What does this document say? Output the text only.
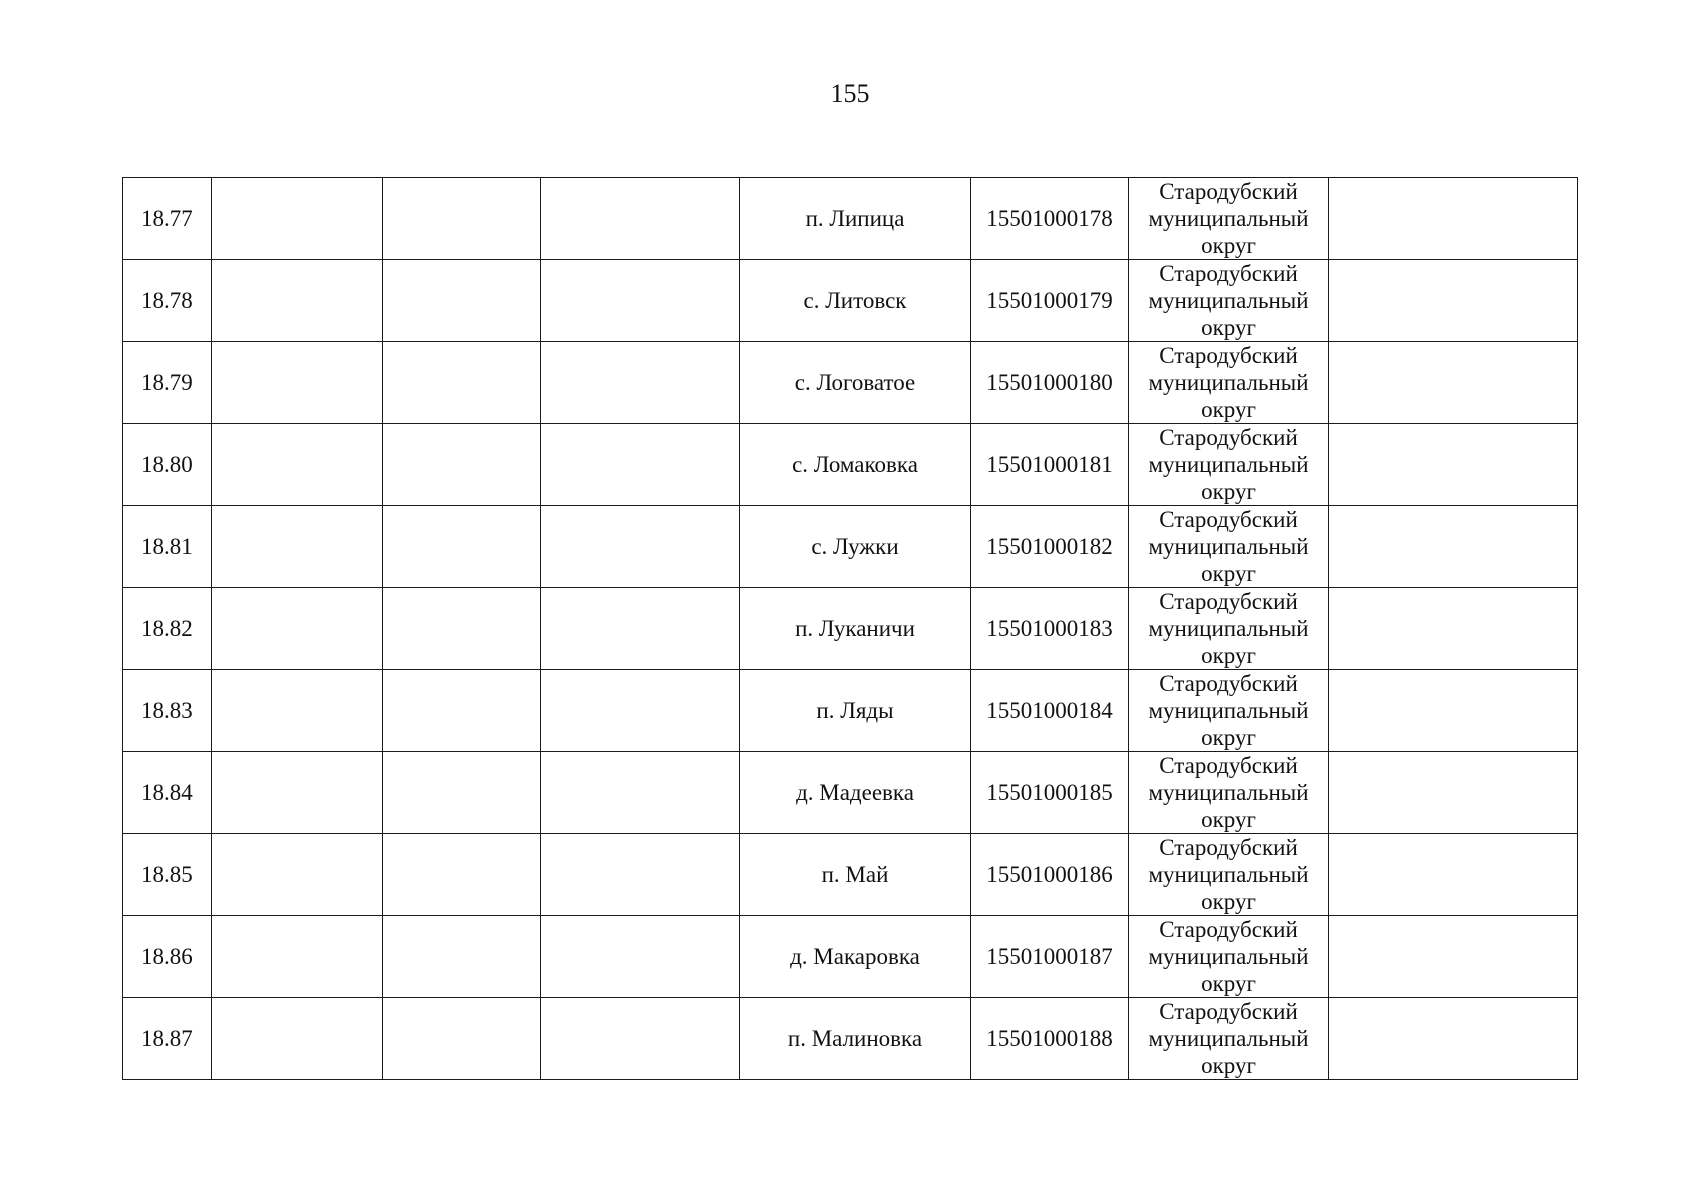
155
18.77				п. Липица	15501000178	Стародубский
муниципальный
округ	

18.78				с. Литовск	15501000179	Стародубский
муниципальный
округ	

18.79				с. Логоватое	15501000180	Стародубский
муниципальный
округ	

18.80				с. Ломаковка	15501000181	Стародубский
муниципальный
округ	

18.81				с. Лужки	15501000182	Стародубский
муниципальный
округ	

18.82				п. Луканичи	15501000183	Стародубский
муниципальный
округ	

18.83				п. Ляды	15501000184	Стародубский
муниципальный
округ	

18.84				д. Мадеевка	15501000185	Стародубский
муниципальный
округ	

18.85				п. Май	15501000186	Стародубский
муниципальный
округ	

18.86				д. Макаровка	15501000187	Стародубский
муниципальный
округ	

18.87				п. Малиновка	15501000188	Стародубский
муниципальный
округ	
